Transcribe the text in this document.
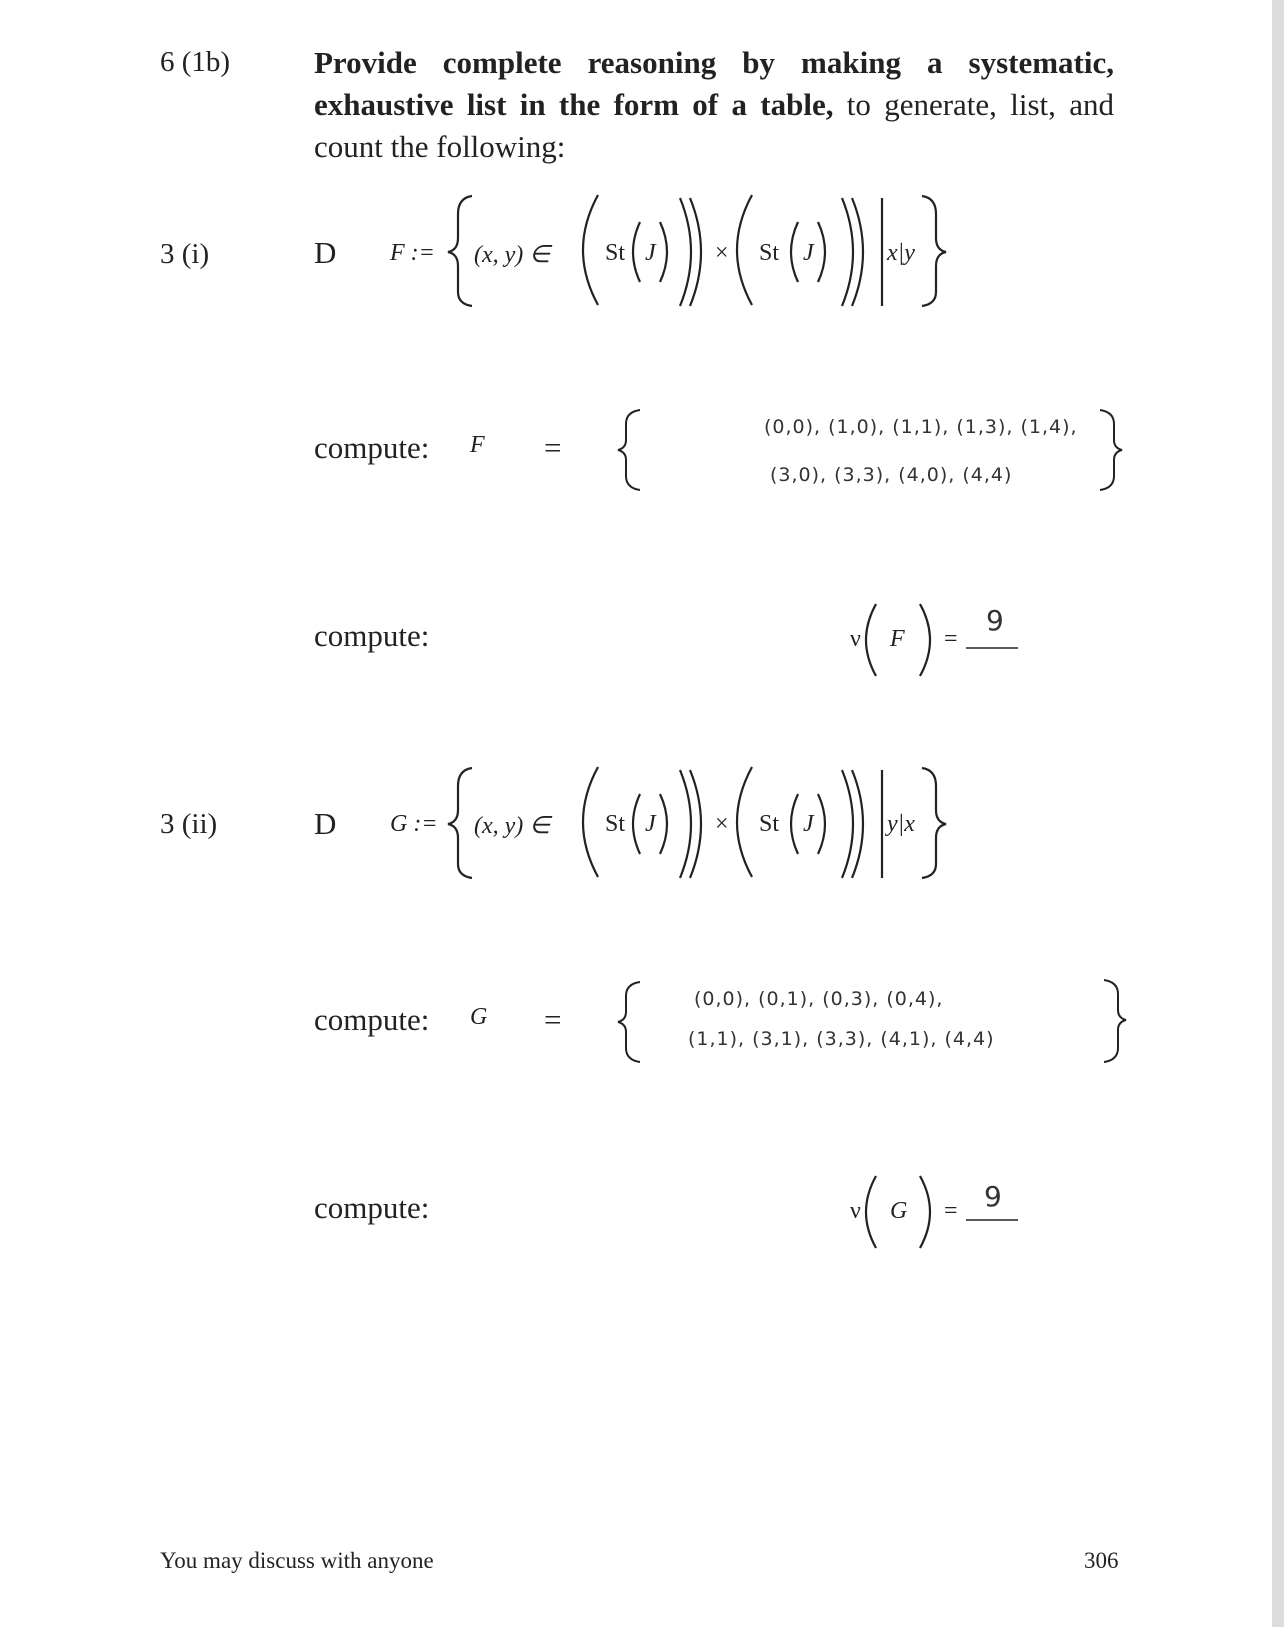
6 (1b)	Provide complete reasoning by making a systematic, exhaustive list in the form of a table, to generate, list, and count the following:
3 (i)	D F := (x, y) ∈ St J × St J	x|y
compute: F =
(0,0), (1,0), (1,1), (1,3), (1,4),
(3,0), (3,3), (4,0), (4,4)
compute:	ν F =
9
3 (ii)	D G := (x, y) ∈ St J × St J	y|x
compute: G =
(0,0), (0,1), (0,3), (0,4),
(1,1), (3,1), (3,3), (4,1), (4,4)
compute:	ν G = 9
You may discuss with anyone	306
